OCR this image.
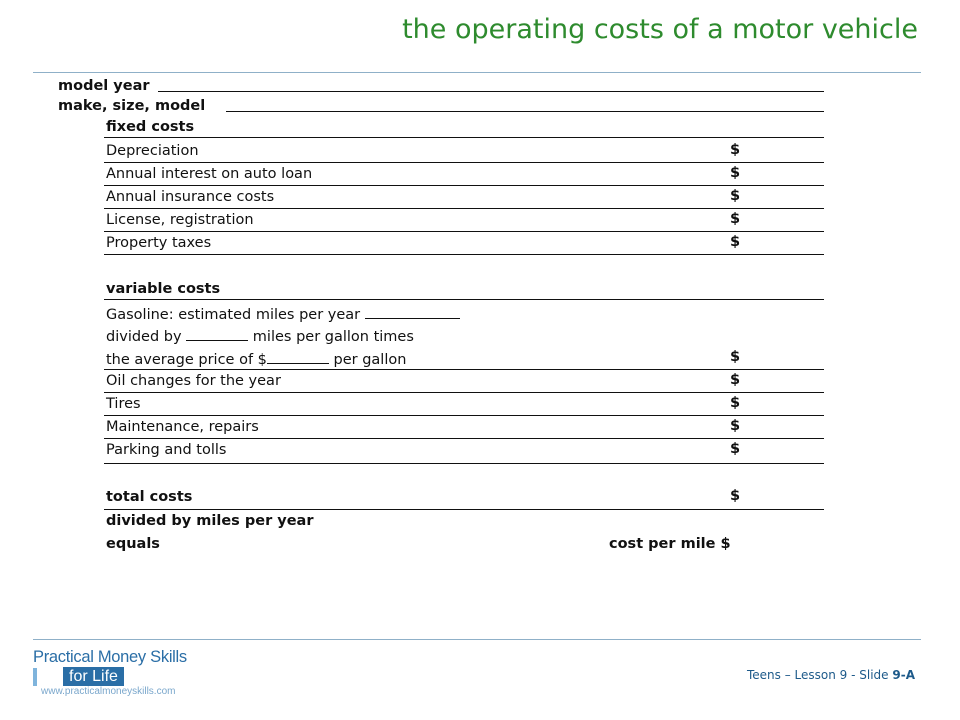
the operating costs of a motor vehicle
model year
make, size, model
fixed costs
Depreciation	$
Annual interest on auto loan	$
Annual insurance costs	$
License, registration	$
Property taxes	$
variable costs
Gasoline: estimated miles per year
divided by	miles per gallon times
the average price of $	per gallon	$
Oil changes for the year	$
Tires	$
Maintenance, repairs	$
Parking and tolls	$
total costs	$
divided by miles per year
equals	cost per mile $
Practical Money Skills
for Life
www.practicalmoneyskills.com
Teens – Lesson 9 - Slide 9-A
